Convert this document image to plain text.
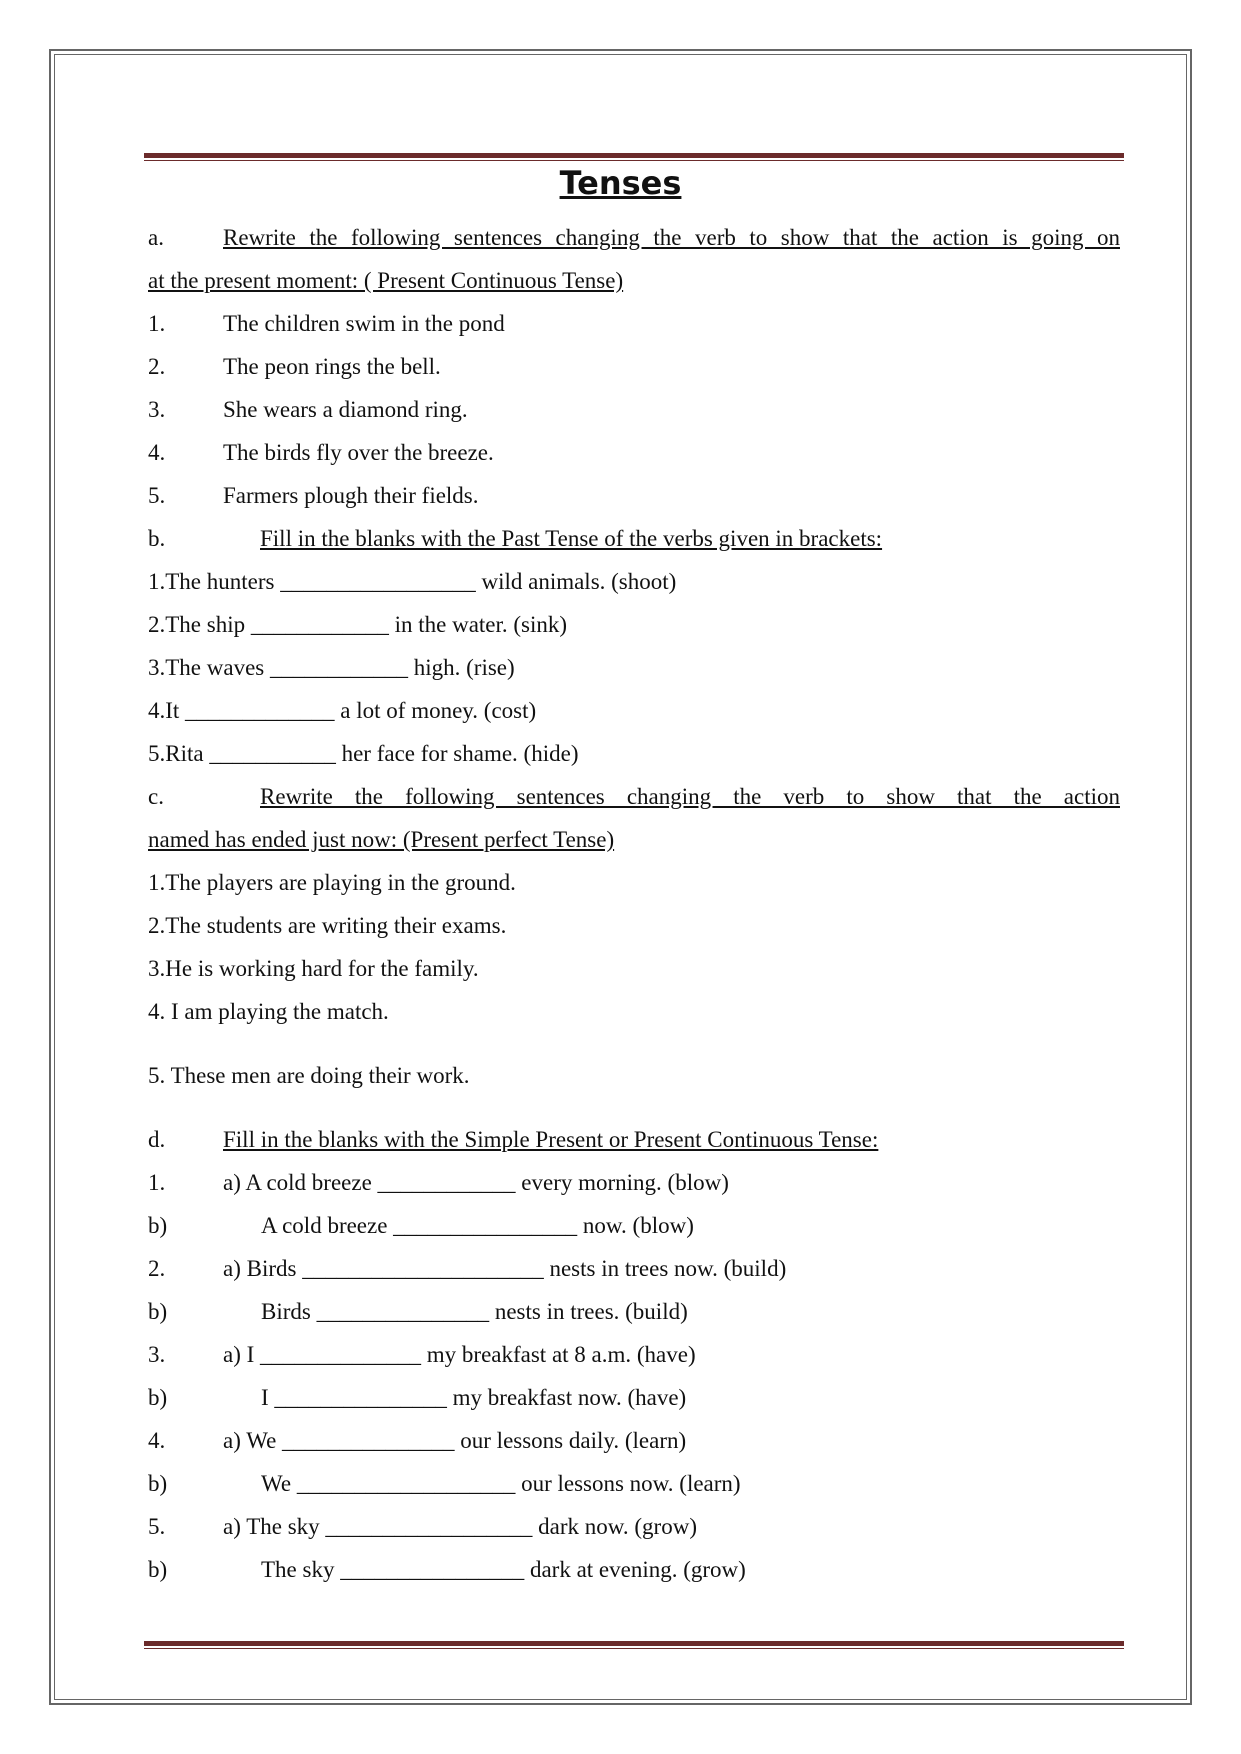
Tenses
a.	Rewrite the following sentences changing the verb to show that the action is going on
at the present moment: ( Present Continuous Tense)
1.	The children swim in the pond
2.	The peon rings the bell.
3.	She wears a diamond ring.
4.	The birds fly over the breeze.
5.	Farmers plough their fields.
b.	Fill in the blanks with the Past Tense of the verbs given in brackets:
1.The hunters _________________ wild animals. (shoot)
2.The ship ____________ in the water. (sink)
3.The waves ____________ high. (rise)
4.It _____________ a lot of money. (cost)
5.Rita ___________ her face for shame. (hide)
c.	Rewrite the following sentences changing the verb to show that the action
named has ended just now: (Present perfect Tense)
1.The players are playing in the ground.
2.The students are writing their exams.
3.He is working hard for the family.
4. I am playing the match.
5. These men are doing their work.
d.	Fill in the blanks with the Simple Present or Present Continuous Tense:
1.	a) A cold breeze ____________ every morning. (blow)
b)	A cold breeze ________________ now. (blow)
2.	a) Birds _____________________ nests in trees now. (build)
b)	Birds _______________ nests in trees. (build)
3.	a) I ______________ my breakfast at 8 a.m. (have)
b)	I _______________ my breakfast now. (have)
4.	a) We _______________ our lessons daily. (learn)
b)	We ___________________ our lessons now. (learn)
5.	a) The sky __________________ dark now. (grow)
b)	The sky ________________ dark at evening. (grow)
